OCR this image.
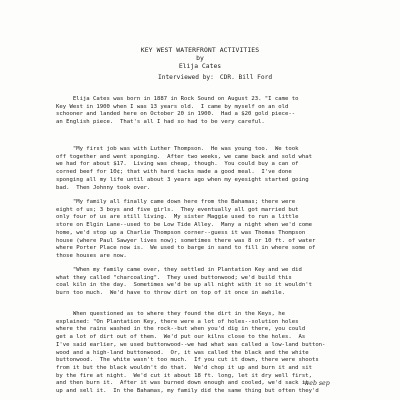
KEY WEST WATERFRONT ACTIVITIES
by
Elija Cates
Interviewed by: CDR. Bill Ford
Elija Cates was born in 1887 in Rock Sound on August 23. "I came to
Key West in 1900 when I was 13 years old.  I came by myself on an old
schooner and landed here on October 20 in 1900.  Had a $20 gold piece--
an English piece.  That's all I had so had to be very careful.
"My first job was with Luther Thompson.  He was young too.  We took
off together and went sponging.  After two weeks, we came back and sold what
we had for about $17.  Living was cheap, though.  You could buy a can of
corned beef for 10¢; that with hard tacks made a good meal.  I've done
sponging all my life until about 3 years ago when my eyesight started going
bad.  Then Johnny took over.
"My family all finally came down here from the Bahamas; there were
eight of us; 3 boys and five girls.  They eventually all got married but
only four of us are still living.  My sister Maggie used to run a little
store on Elgin Lane--used to be Low Tide Alley.  Many a night when we'd come
home, we'd stop up a Charlie Thompson corner--guess it was Thomas Thompson
house (where Paul Sawyer lives now); sometimes there was 8 or 10 ft. of water
where Porter Place now is.  We used to barge in sand to fill in where some of
those houses are now.
"When my family came over, they settled in Plantation Key and we did
what they called "charcoaling".  They used buttonwood; we'd build this
coal kiln in the day.  Sometimes we'd be up all night with it so it wouldn't
burn too much.  We'd have to throw dirt on top of it once in awhile.
When questioned as to where they found the dirt in the Keys, he
explained: "On Plantation Key, there were a lot of holes--solution holes
where the rains washed in the rock--but when you'd dig in there, you could
get a lot of dirt out of them.  We'd put our kilns close to the holes.  As
I've said earlier, we used buttonwood--we had what was called a low-land button-
wood and a high-land buttonwood.  Or, it was called the black and the white
buttonwood.  The white wasn't too much.  If you cut it down, there were shoots
from it but the black wouldn't do that.  We'd chop it up and burn it and sit
by the fire at night.  We'd cut it about 18 ft. long, let it dry well first,
and then burn it.  After it was burned down enough and cooled, we'd sack it
up and sell it.  In the Bahamas, my family did the same thing but often they'd
web sep
